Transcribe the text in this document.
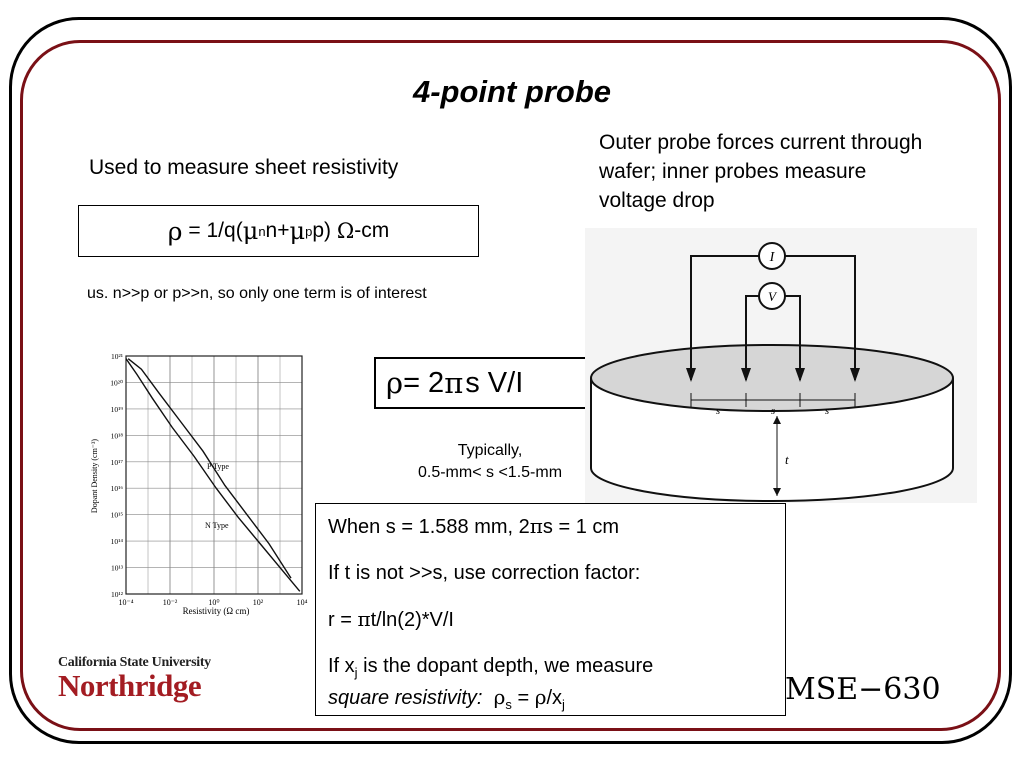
4-point probe
Used to measure sheet resistivity
Outer probe forces current through wafer; inner probes measure voltage drop
ρ = 1/q( μ n n+ μ p p) Ω -cm
us. n>>p or p>>n, so only one term is of interest
10⁻⁴	10⁻²	10⁰	10²	10⁴
10²¹
10²⁰
10¹⁹
10¹⁸
10¹⁷
10¹⁶
10¹⁵
10¹⁴
10¹³
10¹²
Resistivity (Ω cm)
Dopant Density (cm⁻³)	P Type
N Type
ρ = 2 π s V/I
Typically,
0.5-mm< s <1.5-mm
I
V
s	s	s
t

When s = 1.588 mm, 2πs = 1 cm

If t is not >>s, use correction factor:

r = πt/ln(2)*V/I

If $x_j$ is the dopant depth, we measure
square resistivity: $\rho_s = \rho/x_j$

California State University
Northridge	MSE−630
